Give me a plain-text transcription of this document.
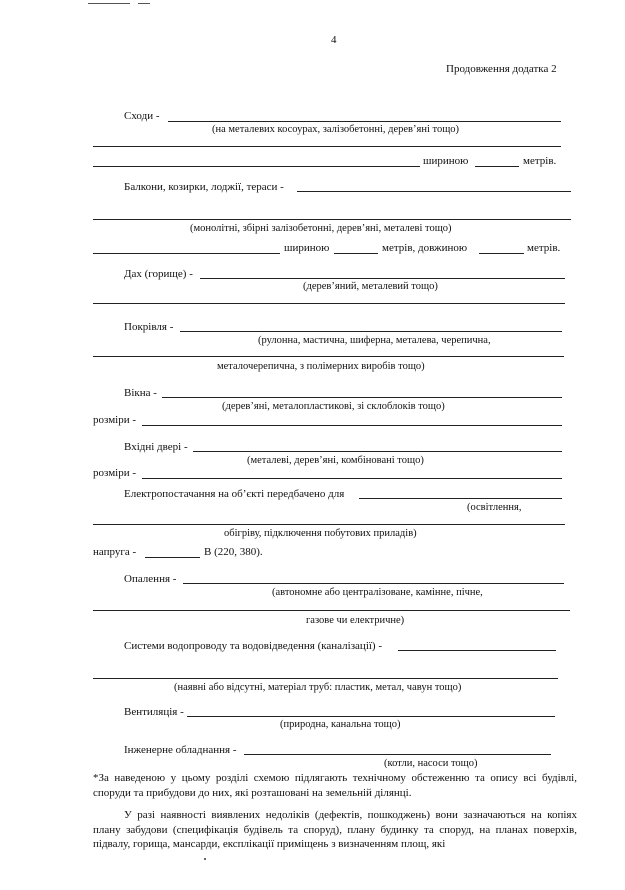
4
Продовження додатка 2
Сходи -
(на металевих косоурах, залізобетонні, дерев’яні тощо)
шириною	метрів.
Балкони, козирки, лоджії, тераси -
(монолітні, збірні залізобетонні, дерев’яні, металеві тощо)
шириною	метрів, довжиною	метрів.
Дах (горище) -
(дерев’яний, металевий тощо)
Покрівля -
(рулонна, мастична, шиферна, металева, черепична,
металочерепична, з полімерних виробів тощо)
Вікна -
(дерев’яні, металопластикові, зі склоблоків тощо)
розміри -
Вхідні двері -
(металеві, дерев’яні, комбіновані тощо)
розміри -
Електропостачання на об’єкті передбачено для
(освітлення,
обігріву, підключення побутових приладів)
напруга -	В (220, 380).
Опалення -
(автономне або централізоване, камінне, пічне,
газове чи електричне)
Системи водопроводу та водовідведення (каналізації) -
(наявні або відсутні, матеріал труб: пластик, метал, чавун тощо)
Вентиляція -
(природна, канальна тощо)
Інженерне обладнання -
(котли, насоси тощо)
*За наведеною у цьому розділі схемою підлягають технічному обстеженню та опису всі будівлі, споруди та прибудови до них, які розташовані на земельній ділянці.
У разі наявності виявлених недоліків (дефектів, пошкоджень) вони зазначаються на копіях плану забудови (специфікація будівель та споруд), плану будинку та споруд, на планах поверхів, підвалу, горища, мансарди, експлікації приміщень з визначенням площ, які
